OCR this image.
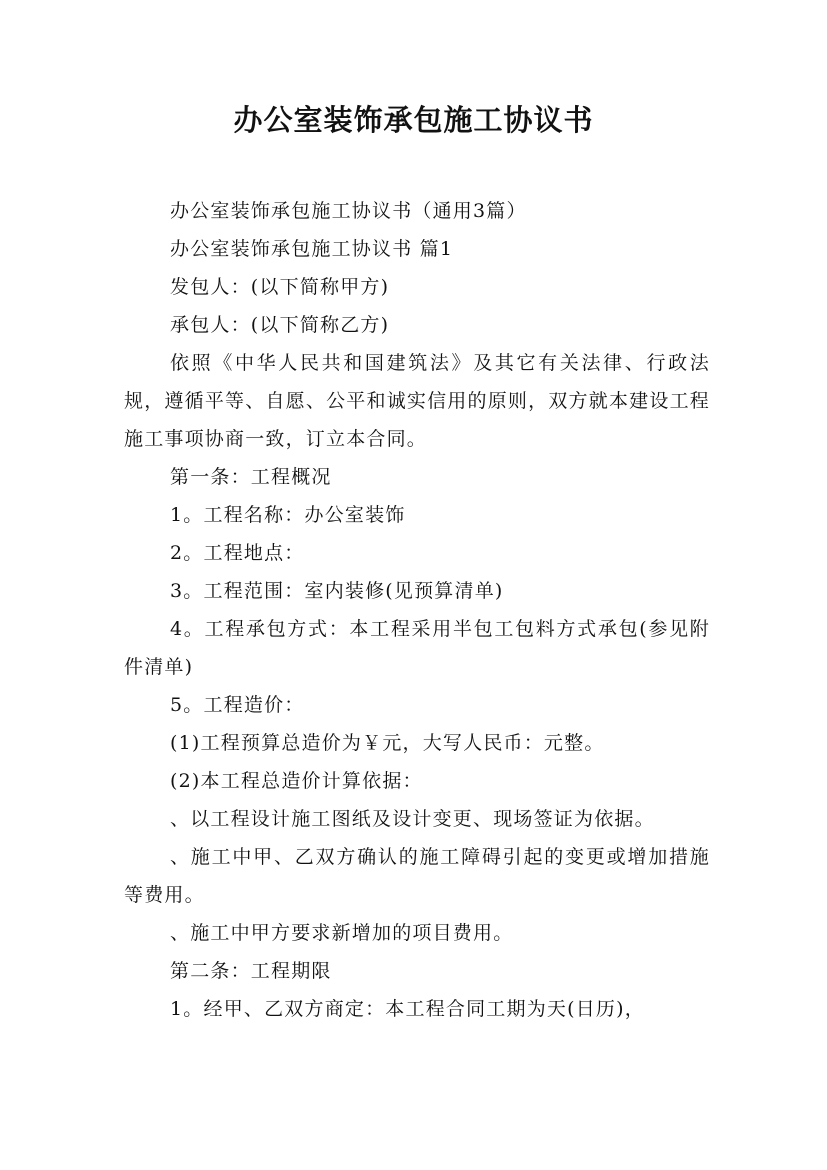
办公室装饰承包施工协议书

办公室装饰承包施工协议书（通用3篇）

办公室装饰承包施工协议书 篇1

发包人：(以下简称甲方)

承包人：(以下简称乙方)

依照《中华人民共和国建筑法》及其它有关法律、行政法规，遵循平等、自愿、公平和诚实信用的原则，双方就本建设工程施工事项协商一致，订立本合同。

第一条：工程概况

1。工程名称：办公室装饰

2。工程地点：

3。工程范围：室内装修(见预算清单)

4。工程承包方式：本工程采用半包工包料方式承包(参见附件清单)

5。工程造价：

(1)工程预算总造价为￥元，大写人民币：元整。

(2)本工程总造价计算依据：

、以工程设计施工图纸及设计变更、现场签证为依据。

、施工中甲、乙双方确认的施工障碍引起的变更或增加措施等费用。

、施工中甲方要求新增加的项目费用。

第二条：工程期限

1。经甲、乙双方商定：本工程合同工期为天(日历)，
